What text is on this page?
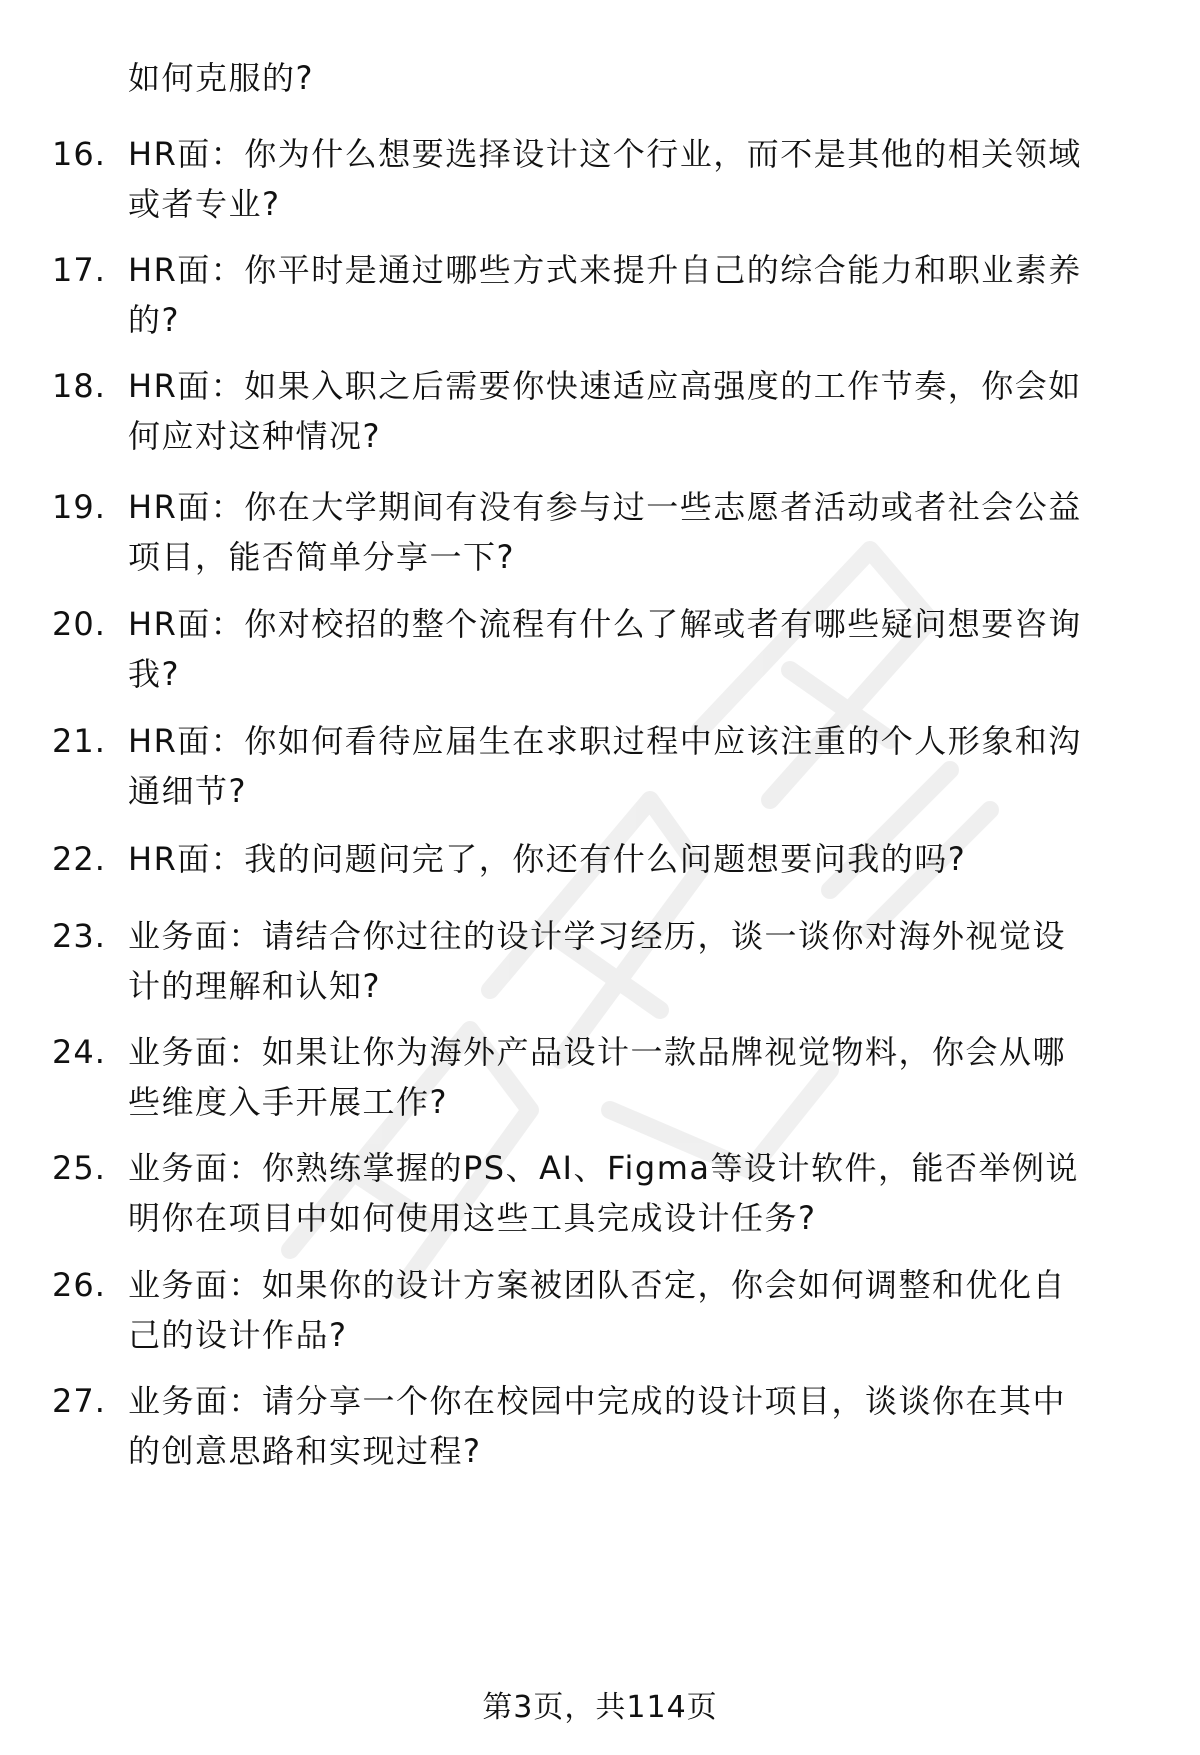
如何克服的?
16. HR面：你为什么想要选择设计这个行业，而不是其他的相关领域
或者专业?
17. HR面：你平时是通过哪些方式来提升自己的综合能力和职业素养
的?
18. HR面：如果入职之后需要你快速适应高强度的工作节奏，你会如
何应对这种情况?
19. HR面：你在大学期间有没有参与过一些志愿者活动或者社会公益
项目，能否简单分享一下?
20. HR面：你对校招的整个流程有什么了解或者有哪些疑问想要咨询
我?
21. HR面：你如何看待应届生在求职过程中应该注重的个人形象和沟
通细节?
22. HR面：我的问题问完了，你还有什么问题想要问我的吗?
23. 业务面：请结合你过往的设计学习经历，谈一谈你对海外视觉设
计的理解和认知?
24. 业务面：如果让你为海外产品设计一款品牌视觉物料，你会从哪
些维度入手开展工作?
25. 业务面：你熟练掌握的PS、AI、Figma等设计软件，能否举例说
明你在项目中如何使用这些工具完成设计任务?
26. 业务面：如果你的设计方案被团队否定，你会如何调整和优化自
己的设计作品?
27. 业务面：请分享一个你在校园中完成的设计项目，谈谈你在其中
的创意思路和实现过程?
第3页，共114页
